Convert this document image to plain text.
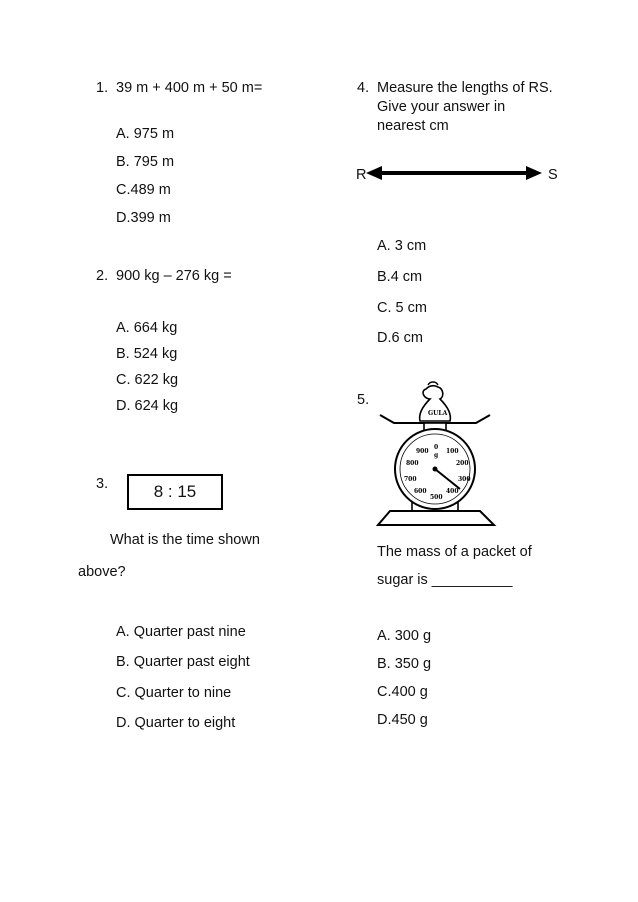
1. 39 m + 400 m + 50 m=
A. 975 m
B. 795 m
C.489 m
D.399 m
2. 900 kg – 276 kg =
A. 664 kg
B. 524 kg
C. 622 kg
D. 624 kg
3.	8 : 15
What is the time shown
above?
A. Quarter past nine
B. Quarter past eight
C. Quarter to nine
D. Quarter to eight
4. Measure the lengths of RS.
Give your answer in
nearest cm
R	S
A. 3 cm
B.4 cm
C. 5 cm
D.6 cm
5.
GULA
900
0
g
100
800	200
700	300
600	400
500
The mass of a packet of
sugar is __________
A. 300 g
B. 350 g
C.400 g
D.450 g
